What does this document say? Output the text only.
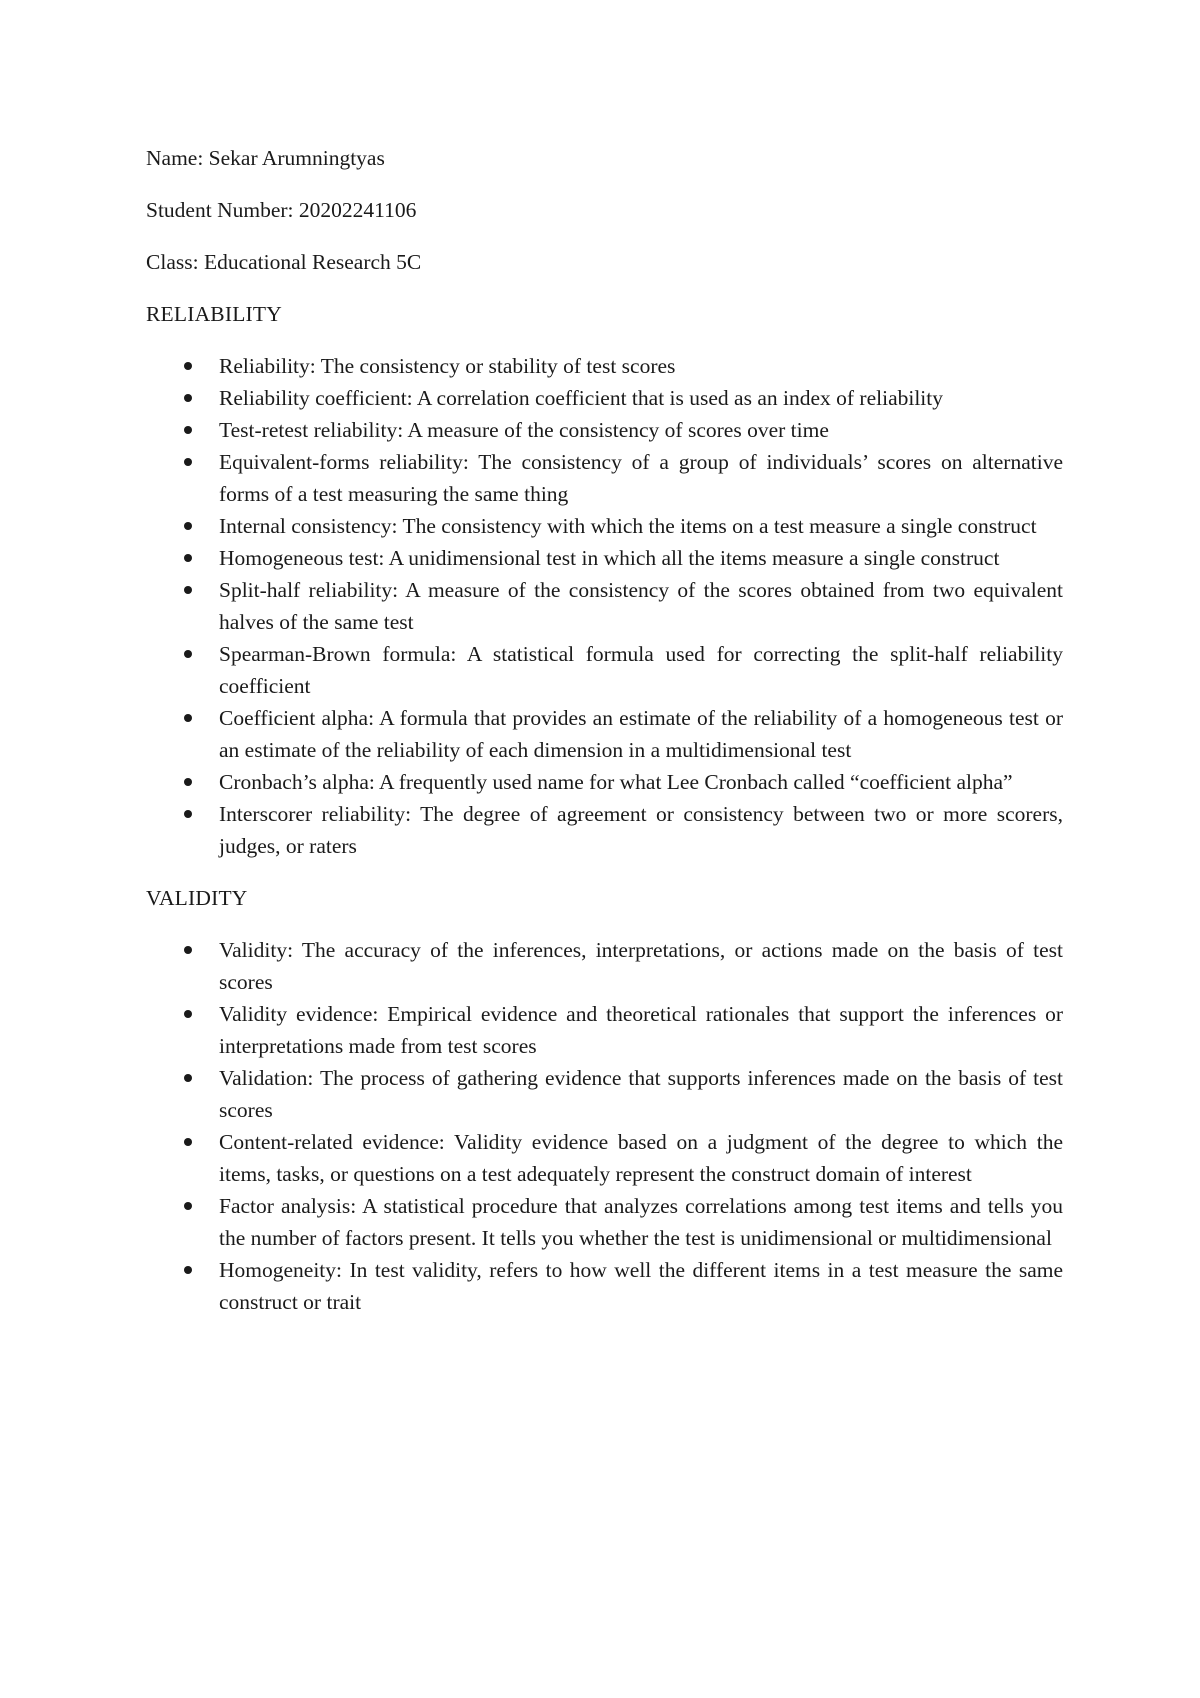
Name: Sekar Arumningtyas

Student Number: 20202241106

Class: Educational Research 5C

RELIABILITY

Reliability: The consistency or stability of test scores
Reliability coefficient: A correlation coefficient that is used as an index of reliability
Test-retest reliability: A measure of the consistency of scores over time
Equivalent-forms reliability: The consistency of a group of individuals’ scores on alternative forms of a test measuring the same thing
Internal consistency: The consistency with which the items on a test measure a single construct
Homogeneous test: A unidimensional test in which all the items measure a single construct
Split-half reliability: A measure of the consistency of the scores obtained from two equivalent halves of the same test
Spearman-Brown formula: A statistical formula used for correcting the split-half reliability coefficient
Coefficient alpha: A formula that provides an estimate of the reliability of a homogeneous test or an estimate of the reliability of each dimension in a multidimensional test
Cronbach’s alpha: A frequently used name for what Lee Cronbach called “coefficient alpha”
Interscorer reliability: The degree of agreement or consistency between two or more scorers, judges, or raters

VALIDITY

Validity: The accuracy of the inferences, interpretations, or actions made on the basis of test scores
Validity evidence: Empirical evidence and theoretical rationales that support the inferences or interpretations made from test scores
Validation: The process of gathering evidence that supports inferences made on the basis of test scores
Content-related evidence: Validity evidence based on a judgment of the degree to which the items, tasks, or questions on a test adequately represent the construct domain of interest
Factor analysis: A statistical procedure that analyzes correlations among test items and tells you the number of factors present. It tells you whether the test is unidimensional or multidimensional
Homogeneity: In test validity, refers to how well the different items in a test measure the same construct or trait
